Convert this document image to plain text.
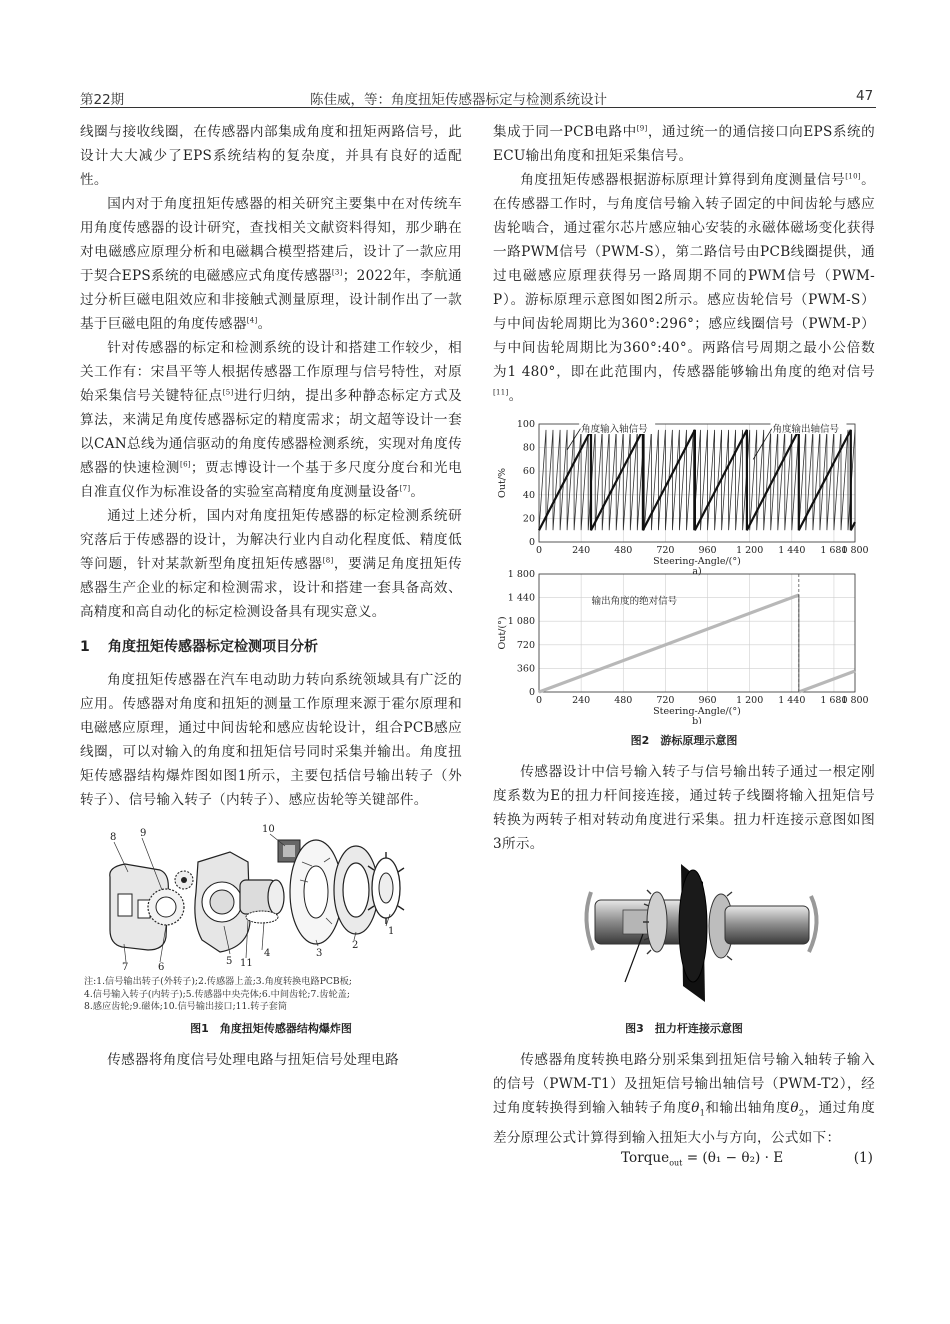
第22期	陈佳威，等：角度扭矩传感器标定与检测系统设计	47

线圈与接收线圈，在传感器内部集成角度和扭矩两路信号，此设计大大减少了EPS系统结构的复杂度，并具有良好的适配性。

国内对于角度扭矩传感器的相关研究主要集中在对传统车用角度传感器的设计研究，查找相关文献资料得知，那少聃在对电磁感应原理分析和电磁耦合模型搭建后，设计了一款应用于契合EPS系统的电磁感应式角度传感器[3]；2022年，李航通过分析巨磁电阻效应和非接触式测量原理，设计制作出了一款基于巨磁电阻的角度传感器[4]。

针对传感器的标定和检测系统的设计和搭建工作较少，相关工作有：宋昌平等人根据传感器工作原理与信号特性，对原始采集信号关键特征点[5]进行归纳，提出多种静态标定方式及算法，来满足角度传感器标定的精度需求；胡文超等设计一套以CAN总线为通信驱动的角度传感器检测系统，实现对角度传感器的快速检测[6]；贾志博设计一个基于多尺度分度台和光电自准直仪作为标准设备的实验室高精度角度测量设备[7]。

通过上述分析，国内对角度扭矩传感器的标定检测系统研究落后于传感器的设计，为解决行业内自动化程度低、精度低等问题，针对某款新型角度扭矩传感器[8]，要满足角度扭矩传感器生产企业的标定和检测需求，设计和搭建一套具备高效、高精度和高自动化的标定检测设备具有现实意义。

1 角度扭矩传感器标定检测项目分析

角度扭矩传感器在汽车电动助力转向系统领域具有广泛的应用。传感器对角度和扭矩的测量工作原理来源于霍尔原理和电磁感应原理，通过中间齿轮和感应齿轮设计，组合PCB感应线圈，可以对输入的角度和扭矩信号同时采集并输出。角度扭矩传感器结构爆炸图如图1所示，主要包括信号输出转子（外转子）、信号输入转子（内转子）、感应齿轮等关键部件。

1
2
3
4
5
6
7
8 9	10
11
注:1.信号输出转子(外转子);2.传感器上盖;3.角度转换电路PCB板;
4.信号输入转子(内转子);5.传感器中央壳体;6.中间齿轮;7.齿轮盖;
8.感应齿轮;9.磁体;10.信号输出接口;11.转子套筒
图1　角度扭矩传感器结构爆炸图

传感器将角度信号处理电路与扭矩信号处理电路

集成于同一PCB电路中[9]，通过统一的通信接口向EPS系统的ECU输出角度和扭矩采集信号。

角度扭矩传感器根据游标原理计算得到角度测量信号[10]。在传感器工作时，与角度信号输入转子固定的中间齿轮与感应齿轮啮合，通过霍尔芯片感应轴心安装的永磁体磁场变化获得一路PWM信号（PWM-S），第二路信号由PCB线圈提供，通过电磁感应原理获得另一路周期不同的PWM信号（PWM-P）。游标原理示意图如图2所示。感应齿轮信号（PWM-S）与中间齿轮周期比为360°:296°；感应线圈信号（PWM-P）与中间齿轮周期比为360°:40°。两路信号周期之最小公倍数为1 480°，即在此范围内，传感器能够输出角度的绝对信号[11]。

0	240	480	720	960 1 200 1 440 1 680
1 800
0
20
40
60
80
100
Steering-Angle/(°)
Out/%
a)
0	240	480	720	960 1 200 1 440 1 680
1 800
0
360
720
1 080
1 440
1 800
Steering-Angle/(°)
Out/(°)
b)
角度输入轴信号	角度输出轴信号
输出角度的绝对信号
图2　游标原理示意图

传感器设计中信号输入转子与信号输出转子通过一根定刚度系数为E的扭力杆间接连接，通过转子线圈将输入扭矩信号转换为两转子相对转动角度进行采集。扭力杆连接示意图如图3所示。

图3　扭力杆连接示意图

传感器角度转换电路分别采集到扭矩信号输入轴转子输入的信号（PWM-T1）及扭矩信号输出轴信号（PWM-T2），经过角度转换得到输入轴转子角度$\theta_1$和输出轴角度$\theta_2$，通过角度差分原理公式计算得到输入扭矩大小与方向，公式如下：

Torque$_{out}$ = (θ₁ − θ₂) · E	(1)
